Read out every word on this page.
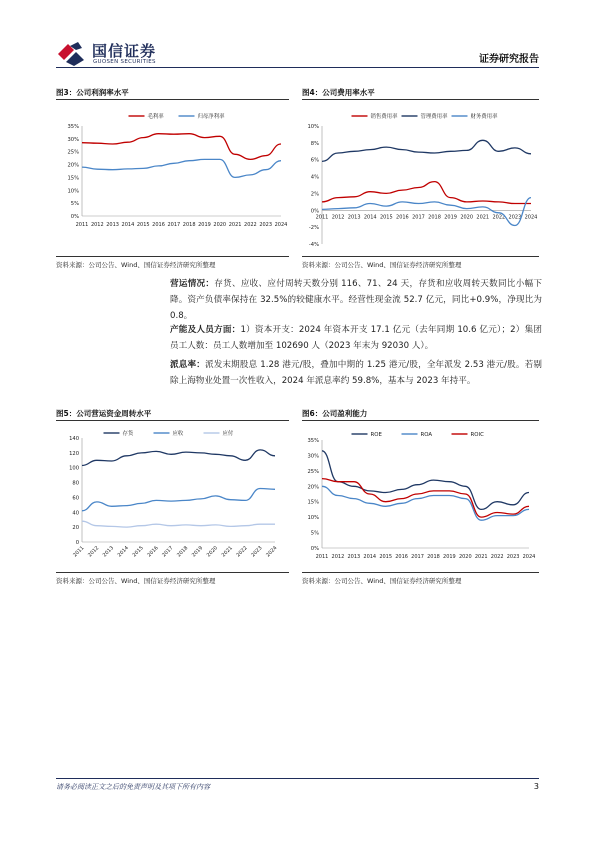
国信证券
GUOSEN SECURITIES	证券研究报告
图3：公司利润率水平	图4：公司费用率水平
0%
5%
10%
15%
20%
25%
30%
35%
2011 2012 2013 2014 2015 2016 2017 2018 2019 2020 2021 2022 2023 2024
毛利率	归母净利率
-4%
-2%
0%
2%
4%
6%
8%
10%
2011 2012 2013 2014 2015 2016 2017 2018 2019 2020 2021 2022 2023 2024
销售费用率	管理费用率	财务费用率
资料来源：公司公告、Wind、国信证券经济研究所整理	资料来源：公司公告、Wind、国信证券经济研究所整理
营运情况：存货、应收、应付周转天数分别 116、71、24 天，存货和应收周转天数同比小幅下降。资产负债率保持在 32.5%的较健康水平。经营性现金流 52.7 亿元，同比+0.9%，净现比为 0.8。
产能及人员方面：1）资本开支：2024 年资本开支 17.1 亿元（去年同期 10.6 亿元）；2）集团员工人数：员工人数增加至 102690 人（2023 年末为 92030 人）。
派息率：派发末期股息 1.28 港元/股，叠加中期的 1.25 港元/股，全年派发 2.53 港元/股。若剔除上海物业处置一次性收入，2024 年派息率约 59.8%，基本与 2023 年持平。
图5：公司营运资金周转水平	图6：公司盈利能力
0
20
40
60
80
100
120
140
2011 2012 2013 2014 2015 2016 2017 2018 2019 2020 2021 2022 2023 2024
存货	应收	应付
0%
5%
10%
15%
20%
25%
30%
35%
2011 2012 2013 2014 2015 2016 2017 2018 2019 2020 2021 2022 2023 2024
ROE	ROA	ROIC
资料来源：公司公告、Wind、国信证券经济研究所整理	资料来源：公司公告、Wind、国信证券经济研究所整理
请务必阅读正文之后的免责声明及其项下所有内容	3
